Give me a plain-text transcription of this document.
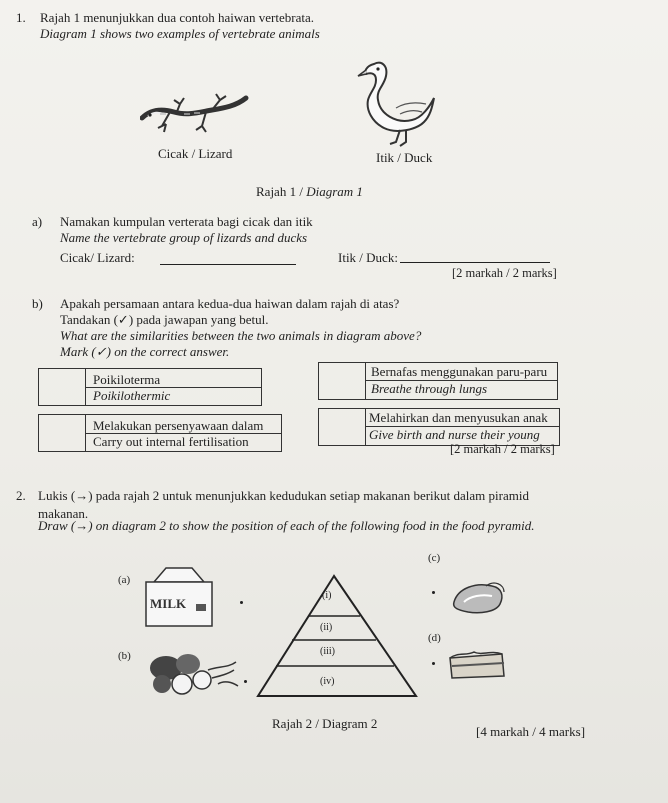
1. Rajah 1 menunjukkan dua contoh haiwan vertebrata.
Diagram 1 shows two examples of vertebrate animals
Cicak / Lizard	Itik / Duck
Rajah 1 / Diagram 1
a) Namakan kumpulan verterata bagi cicak dan itik
Name the vertebrate group of lizards and ducks
Cicak/ Lizard:	Itik / Duck:
[2 markah / 2 marks]
b) Apakah persamaan antara kedua-dua haiwan dalam rajah di atas?
Tandakan (✓) pada jawapan yang betul.
What are the similarities between the two animals in diagram above?
Mark (✓) on the correct answer.
Poikiloterma
Poikilothermic
Bernafas menggunakan paru-paru
Breathe through lungs
Melakukan persenyawaan dalam
Carry out internal fertilisation
Melahirkan dan menyusukan anak
Give birth and nurse their young
[2 markah / 2 marks]
2. Lukis (→) pada rajah 2 untuk menunjukkan kedudukan setiap makanan berikut dalam piramid
makanan.
Draw (→) on diagram 2 to show the position of each of the following food in the food pyramid.
(a)
(b)
(c)
(d)
MILK
(i)
(ii)
(iii)
(iv)
Rajah 2 / Diagram 2
[4 markah / 4 marks]
